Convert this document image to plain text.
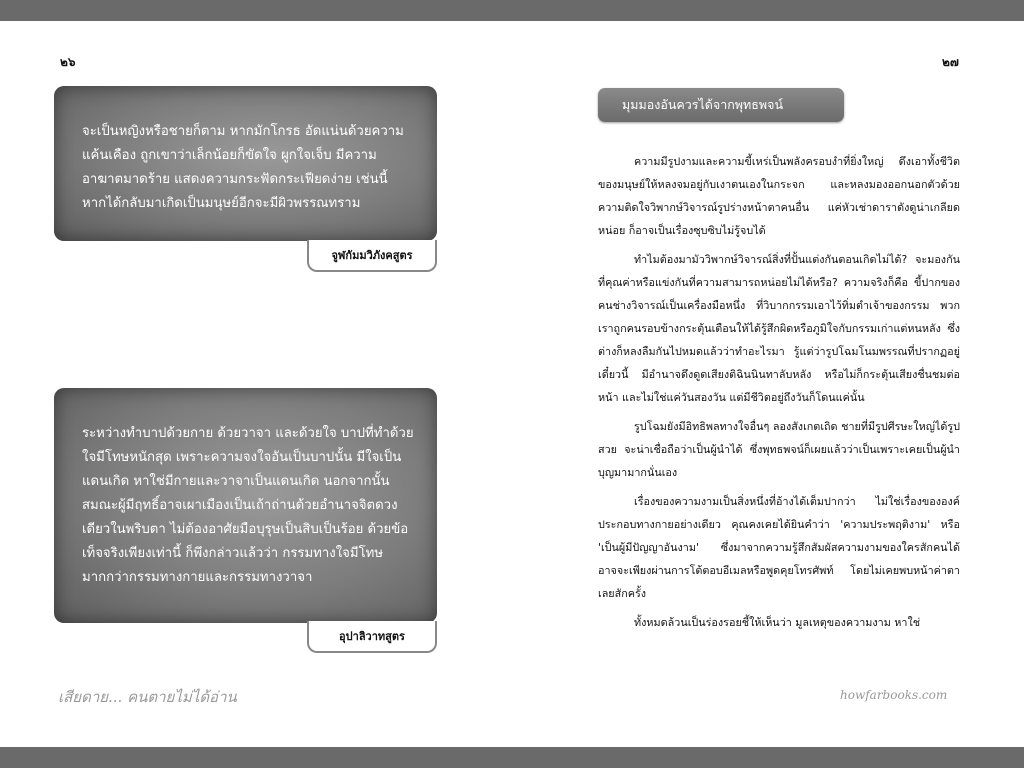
๒๖	๒๗

จะเป็นหญิงหรือชายก็ตาม หากมักโกรธ อัดแน่นด้วยความแค้นเคือง ถูกเขาว่าเล็กน้อยก็ขัดใจ ผูกใจเจ็บ มีความอาฆาตมาดร้าย แสดงความกระฟัดกระเฟียดง่าย เช่นนี้ หากได้กลับมาเกิดเป็นมนุษย์อีกจะมีผิวพรรณทราม

จูฬกัมมวิภังคสูตร

ระหว่างทำบาปด้วยกาย ด้วยวาจา และด้วยใจ บาปที่ทำด้วยใจมีโทษหนักสุด เพราะความจงใจอันเป็นบาปนั้น มีใจเป็นแดนเกิด หาใช่มีกายและวาจาเป็นแดนเกิด นอกจากนั้นสมณะผู้มีฤทธิ์อาจเผาเมืองเป็นเถ้าถ่านด้วยอำนาจจิตดวงเดียวในพริบตา ไม่ต้องอาศัยมือบุรุษเป็นสิบเป็นร้อย ด้วยข้อเท็จจริงเพียงเท่านี้ ก็พึงกล่าวแล้วว่า กรรมทางใจมีโทษมากกว่ากรรมทางกายและกรรมทางวาจา

อุปาลิวาทสูตร
มุมมองอันควรได้จากพุทธพจน์

ความมีรูปงามและความขี้เหร่เป็นพลังครอบงำที่ยิ่งใหญ่ ดึงเอาทั้งชีวิตของมนุษย์ให้หลงจมอยู่กับเงาตนเองในกระจก และหลงมองออกนอกตัวด้วยความติดใจวิพากษ์วิจารณ์รูปร่างหน้าตาคนอื่น แค่หัวเช่าดาราดังดูน่าเกลียดหน่อย ก็อาจเป็นเรื่องซุบซิบไม่รู้จบได้

ทำไมต้องมามัววิพากษ์วิจารณ์สิ่งที่ปั้นแต่งกันตอนเกิดไม่ได้? จะมองกันที่คุณค่าหรือแข่งกันที่ความสามารถหน่อยไม่ได้หรือ? ความจริงก็คือ ขี้ปากของคนช่างวิจารณ์เป็นเครื่องมือหนึ่ง ที่วิบากกรรมเอาไว้ทิ่มตำเจ้าของกรรม พวกเราถูกคนรอบข้างกระตุ้นเตือนให้ได้รู้สึกผิดหรือภูมิใจกับกรรมเก่าแต่หนหลัง ซึ่งต่างก็หลงลืมกันไปหมดแล้วว่าทำอะไรมา รู้แต่ว่ารูปโฉมโนมพรรณที่ปรากฏอยู่เดี๋ยวนี้ มีอำนาจดึงดูดเสียงติฉินนินทาลับหลัง หรือไม่ก็กระตุ้นเสียงชื่นชมต่อหน้า และไม่ใช่แค่วันสองวัน แต่มีชีวิตอยู่ถึงวันก็โดนแค่นั้น

รูปโฉมยังมีอิทธิพลทางใจอื่นๆ ลองสังเกตเถิด ชายที่มีรูปศีรษะใหญ่ได้รูปสวย จะน่าเชื่อถือว่าเป็นผู้นำได้ ซึ่งพุทธพจน์ก็เผยแล้วว่าเป็นเพราะเคยเป็นผู้นำบุญมามากนั่นเอง

เรื่องของความงามเป็นสิ่งหนึ่งที่อ้างได้เต็มปากว่า ไม่ใช่เรื่องขององค์ประกอบทางกายอย่างเดียว คุณคงเคยได้ยินคำว่า 'ความประพฤติงาม' หรือ 'เป็นผู้มีปัญญาอันงาม' ซึ่งมาจากความรู้สึกสัมผัสความงามของใครสักคนได้ อาจจะเพียงผ่านการโต้ตอบอีเมลหรือพูดคุยโทรศัพท์ โดยไม่เคยพบหน้าค่าตาเลยสักครั้ง

ทั้งหมดล้วนเป็นร่องรอยชี้ให้เห็นว่า มูลเหตุของความงาม หาใช่

เสียดาย... คนตายไม่ได้อ่าน	howfarbooks.com
